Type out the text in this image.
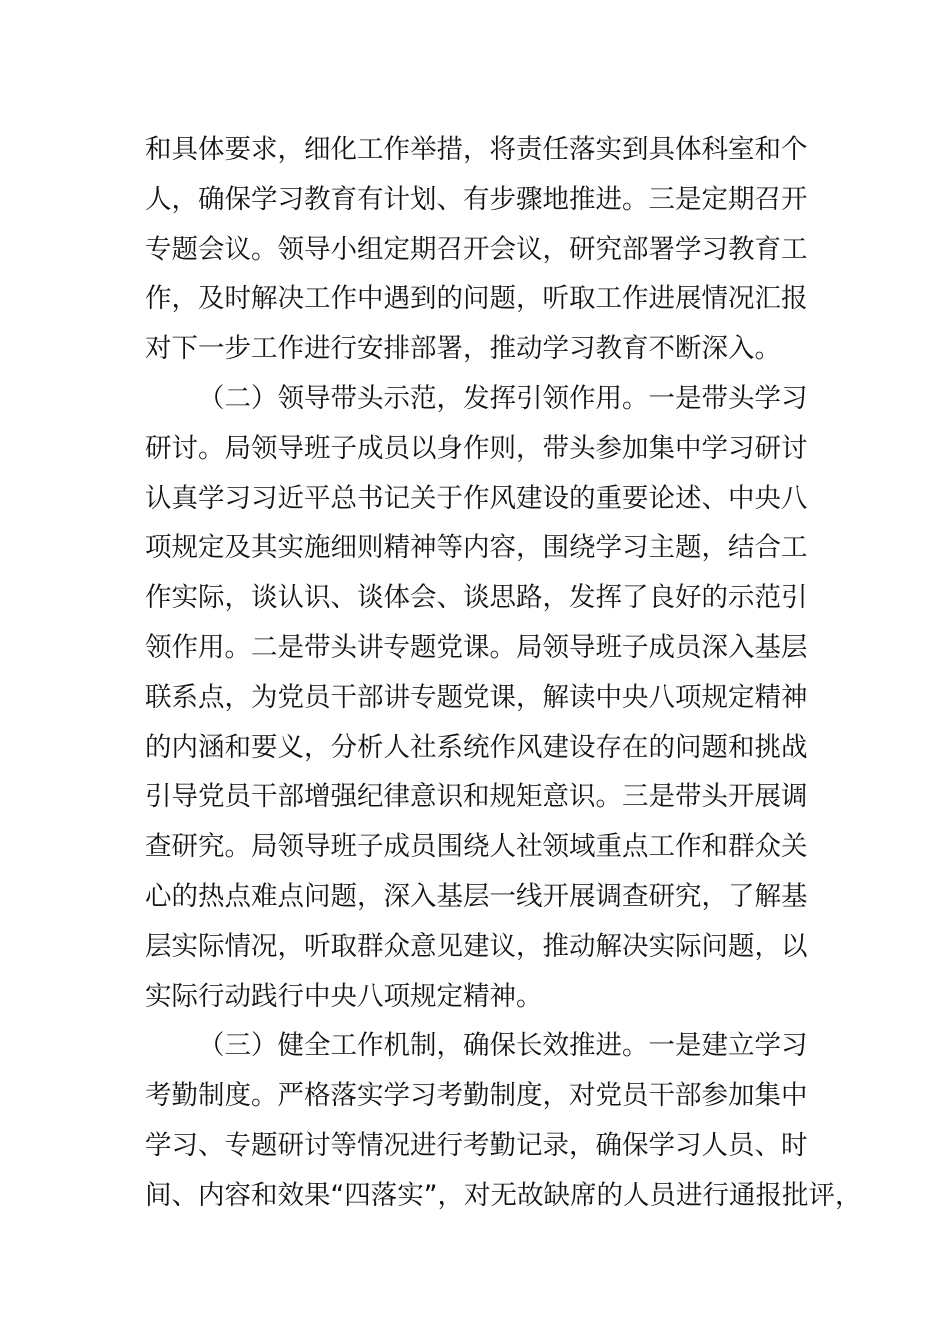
和具体要求，细化工作举措，将责任落实到具体科室和个
人，确保学习教育有计划、有步骤地推进。三是定期召开
专题会议。领导小组定期召开会议，研究部署学习教育工
作，及时解决工作中遇到的问题，听取工作进展情况汇报
对下一步工作进行安排部署，推动学习教育不断深入。
（二）领导带头示范，发挥引领作用。一是带头学习
研讨。局领导班子成员以身作则，带头参加集中学习研讨
认真学习习近平总书记关于作风建设的重要论述、中央八
项规定及其实施细则精神等内容，围绕学习主题，结合工
作实际，谈认识、谈体会、谈思路，发挥了良好的示范引
领作用。二是带头讲专题党课。局领导班子成员深入基层
联系点，为党员干部讲专题党课，解读中央八项规定精神
的内涵和要义，分析人社系统作风建设存在的问题和挑战
引导党员干部增强纪律意识和规矩意识。三是带头开展调
查研究。局领导班子成员围绕人社领域重点工作和群众关
心的热点难点问题，深入基层一线开展调查研究，了解基
层实际情况，听取群众意见建议，推动解决实际问题，以
实际行动践行中央八项规定精神。
（三）健全工作机制，确保长效推进。一是建立学习
考勤制度。严格落实学习考勤制度，对党员干部参加集中
学习、专题研讨等情况进行考勤记录，确保学习人员、时
间、内容和效果“四落实”，对无故缺席的人员进行通报批评，
